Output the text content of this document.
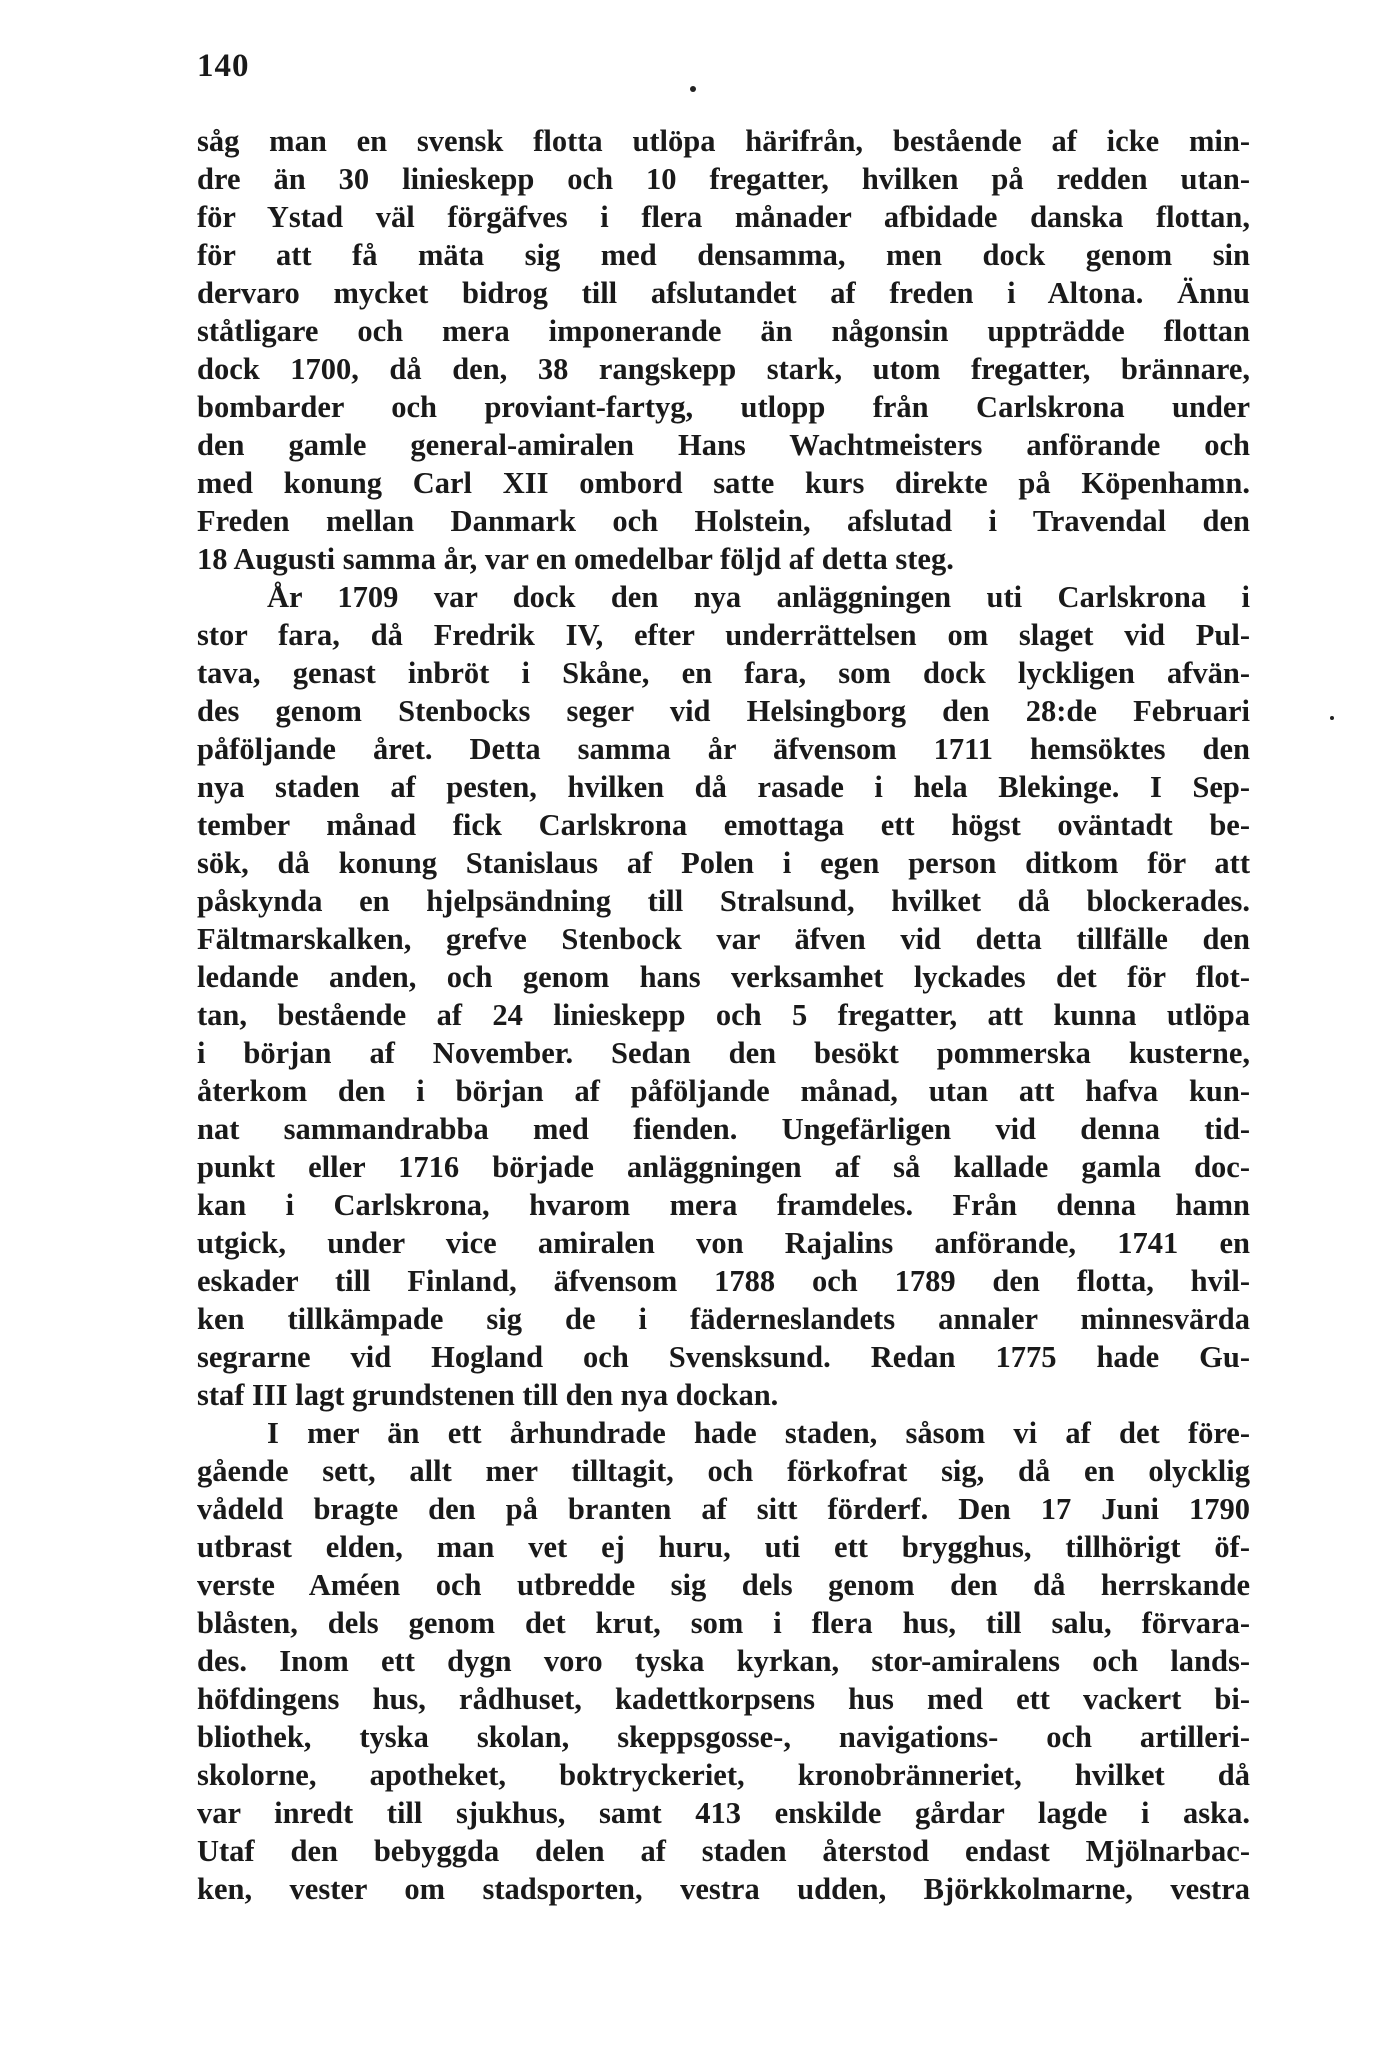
140
såg man en svensk flotta utlöpa härifrån, bestående af icke min-
dre än 30 linieskepp och 10 fregatter, hvilken på redden utan-
för Ystad väl förgäfves i flera månader afbidade danska flottan,
för att få mäta sig med densamma, men dock genom sin
dervaro mycket bidrog till afslutandet af freden i Altona. Ännu
ståtligare och mera imponerande än någonsin uppträdde flottan
dock 1700, då den, 38 rangskepp stark, utom fregatter, brännare,
bombarder och proviant-fartyg, utlopp från Carlskrona under
den gamle general-amiralen Hans Wachtmeisters anförande och
med konung Carl XII ombord satte kurs direkte på Köpenhamn.
Freden mellan Danmark och Holstein, afslutad i Travendal den
18 Augusti samma år, var en omedelbar följd af detta steg.
År 1709 var dock den nya anläggningen uti Carlskrona i
stor fara, då Fredrik IV, efter underrättelsen om slaget vid Pul-
tava, genast inbröt i Skåne, en fara, som dock lyckligen afvän-
des genom Stenbocks seger vid Helsingborg den 28:de Februari
påföljande året. Detta samma år äfvensom 1711 hemsöktes den
nya staden af pesten, hvilken då rasade i hela Blekinge. I Sep-
tember månad fick Carlskrona emottaga ett högst oväntadt be-
sök, då konung Stanislaus af Polen i egen person ditkom för att
påskynda en hjelpsändning till Stralsund, hvilket då blockerades.
Fältmarskalken, grefve Stenbock var äfven vid detta tillfälle den
ledande anden, och genom hans verksamhet lyckades det för flot-
tan, bestående af 24 linieskepp och 5 fregatter, att kunna utlöpa
i början af November. Sedan den besökt pommerska kusterne,
återkom den i början af påföljande månad, utan att hafva kun-
nat sammandrabba med fienden. Ungefärligen vid denna tid-
punkt eller 1716 började anläggningen af så kallade gamla doc-
kan i Carlskrona, hvarom mera framdeles. Från denna hamn
utgick, under vice amiralen von Rajalins anförande, 1741 en
eskader till Finland, äfvensom 1788 och 1789 den flotta, hvil-
ken tillkämpade sig de i fäderneslandets annaler minnesvärda
segrarne vid Hogland och Svensksund. Redan 1775 hade Gu-
staf III lagt grundstenen till den nya dockan.
I mer än ett århundrade hade staden, såsom vi af det före-
gående sett, allt mer tilltagit, och förkofrat sig, då en olycklig
vådeld bragte den på branten af sitt förderf. Den 17 Juni 1790
utbrast elden, man vet ej huru, uti ett brygghus, tillhörigt öf-
verste Améen och utbredde sig dels genom den då herrskande
blåsten, dels genom det krut, som i flera hus, till salu, förvara-
des. Inom ett dygn voro tyska kyrkan, stor-amiralens och lands-
höfdingens hus, rådhuset, kadettkorpsens hus med ett vackert bi-
bliothek, tyska skolan, skeppsgosse-, navigations- och artilleri-
skolorne, apotheket, boktryckeriet, kronobränneriet, hvilket då
var inredt till sjukhus, samt 413 enskilde gårdar lagde i aska.
Utaf den bebyggda delen af staden återstod endast Mjölnarbac-
ken, vester om stadsporten, vestra udden, Björkkolmarne, vestra
